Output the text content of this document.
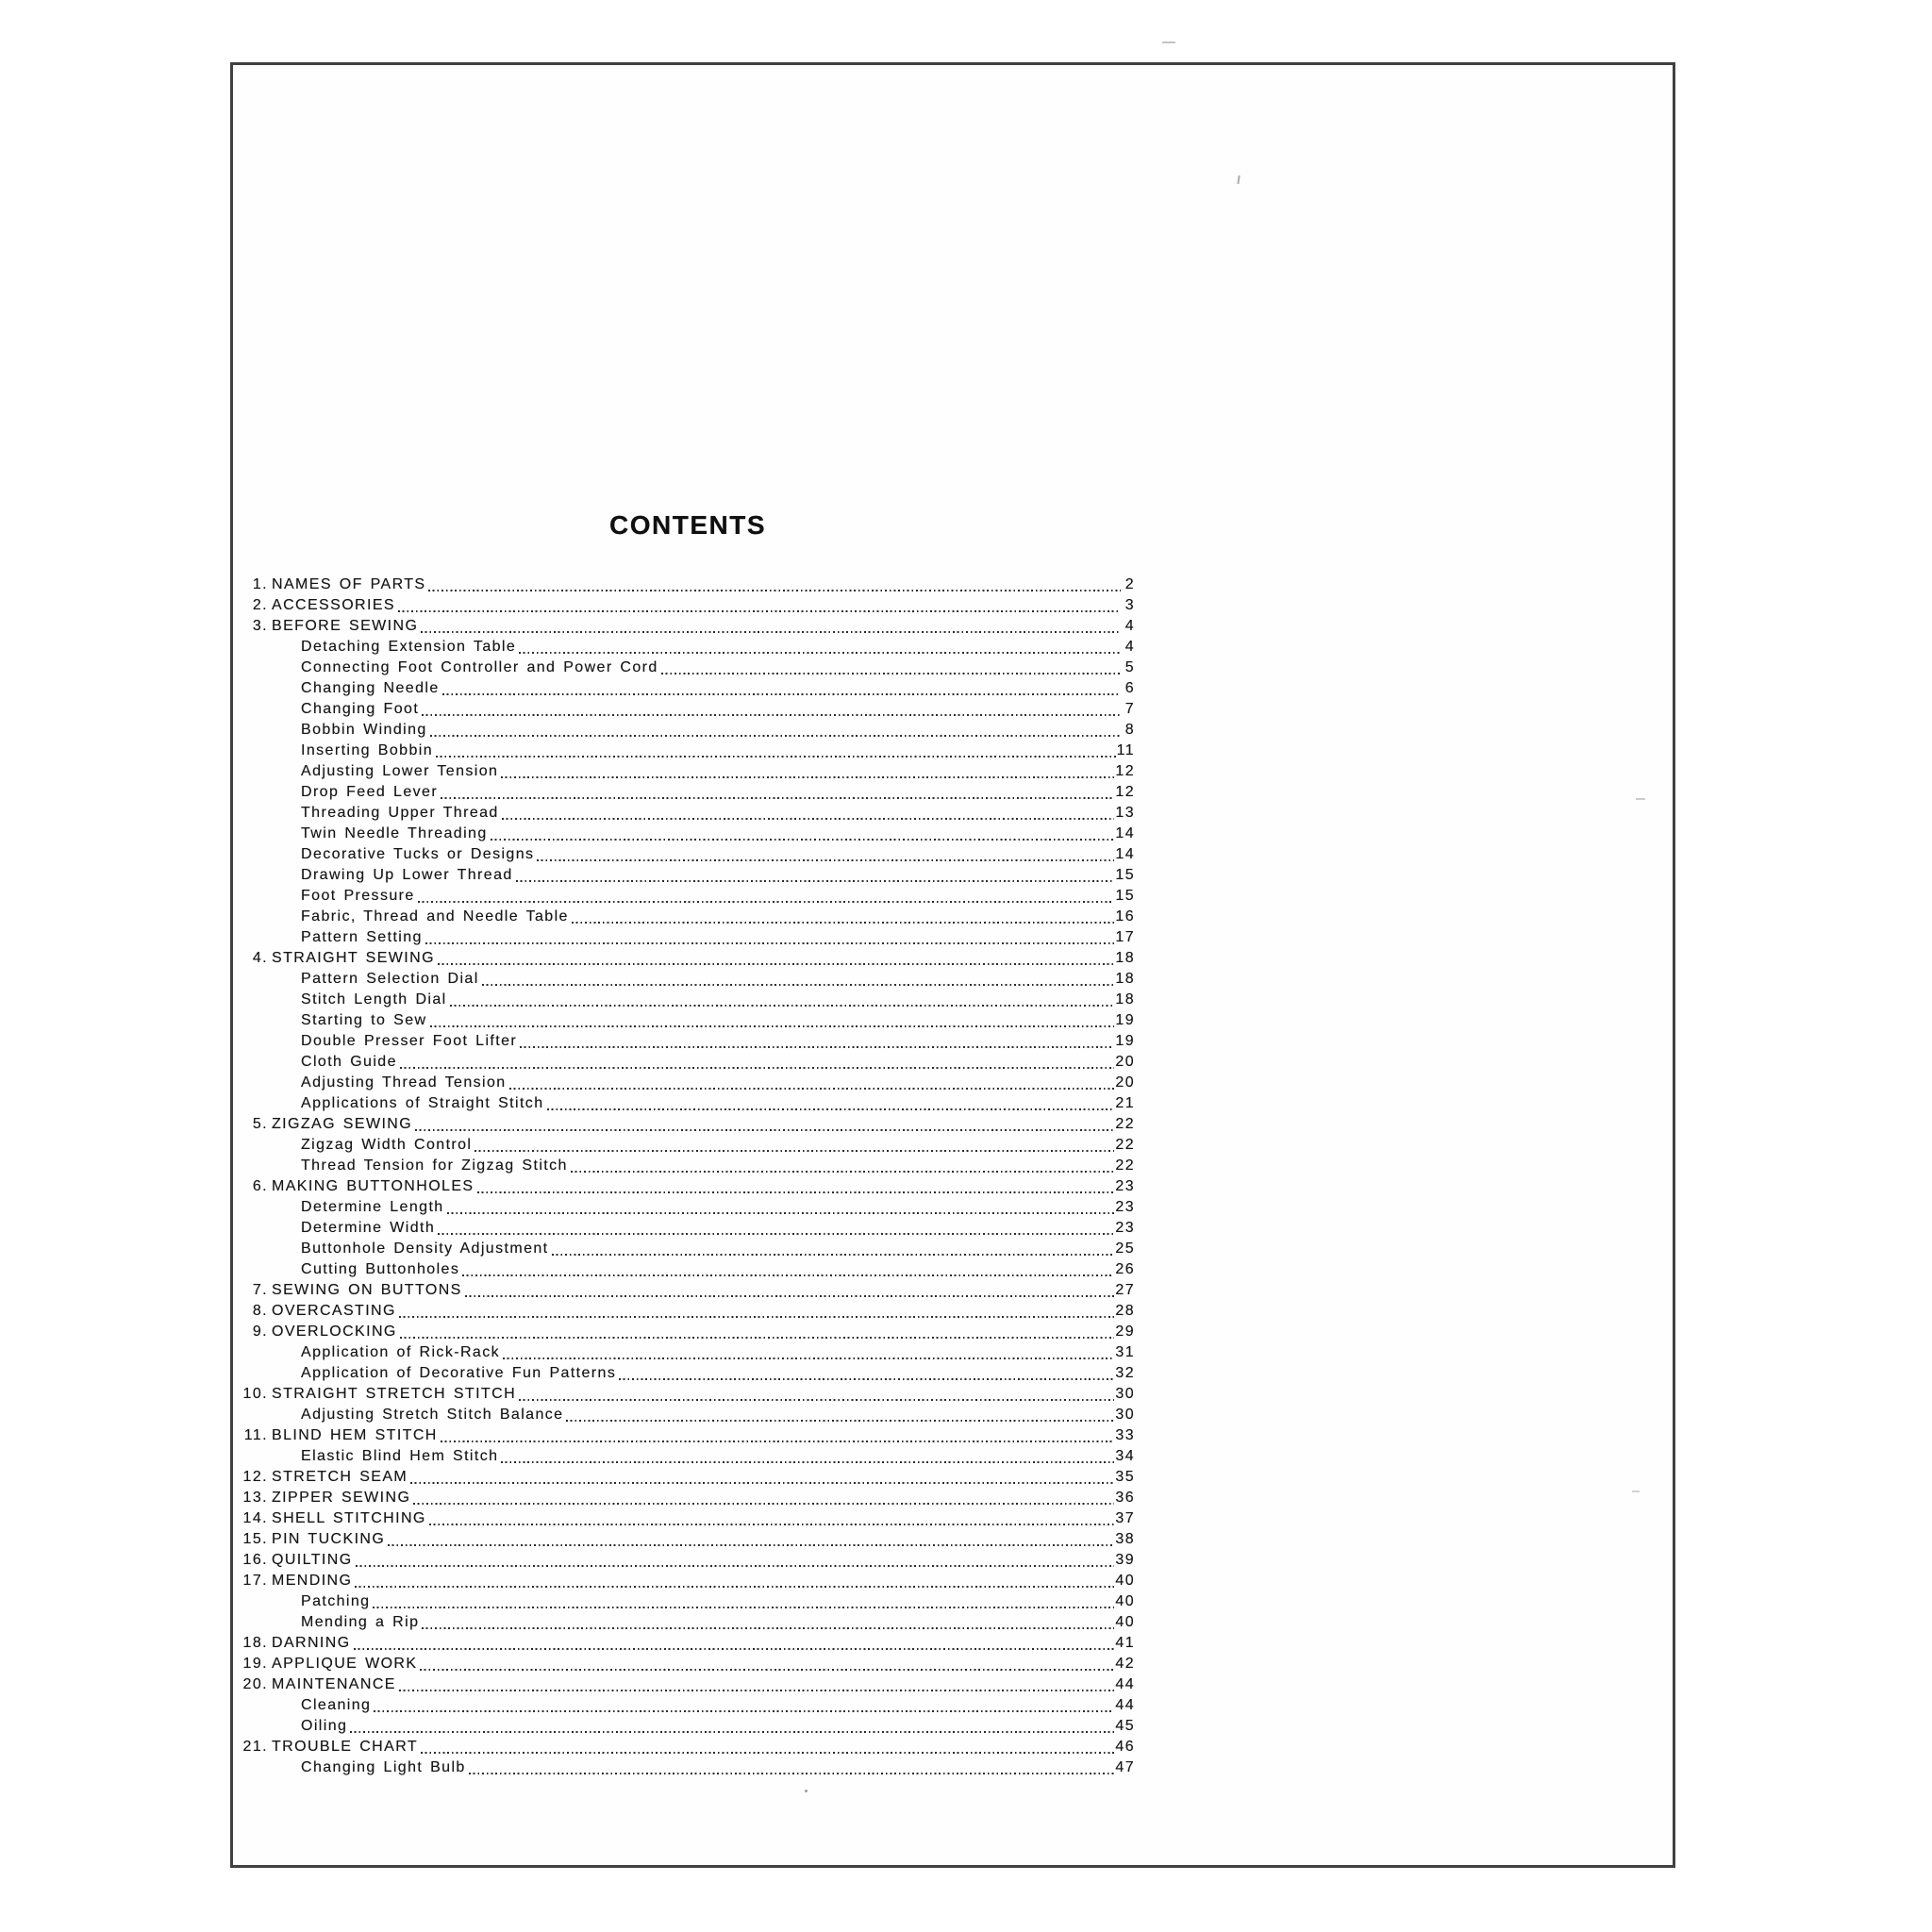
CONTENTS
1. NAMES OF PARTS	2
2. ACCESSORIES	3
3. BEFORE SEWING	4
Detaching Extension Table	4
Connecting Foot Controller and Power Cord	5
Changing Needle	6
Changing Foot	7
Bobbin Winding	8
Inserting Bobbin	11
Adjusting Lower Tension	12
Drop Feed Lever	12
Threading Upper Thread	13
Twin Needle Threading	14
Decorative Tucks or Designs	14
Drawing Up Lower Thread	15
Foot Pressure	15
Fabric, Thread and Needle Table	16
Pattern Setting	17
4. STRAIGHT SEWING	18
Pattern Selection Dial	18
Stitch Length Dial	18
Starting to Sew	19
Double Presser Foot Lifter	19
Cloth Guide	20
Adjusting Thread Tension	20
Applications of Straight Stitch	21
5. ZIGZAG SEWING	22
Zigzag Width Control	22
Thread Tension for Zigzag Stitch	22
6. MAKING BUTTONHOLES	23
Determine Length	23
Determine Width	23
Buttonhole Density Adjustment	25
Cutting Buttonholes	26
7. SEWING ON BUTTONS	27
8. OVERCASTING	28
9. OVERLOCKING	29
Application of Rick-Rack	31
Application of Decorative Fun Patterns	32
10. STRAIGHT STRETCH STITCH	30
Adjusting Stretch Stitch Balance	30
11. BLIND HEM STITCH	33
Elastic Blind Hem Stitch	34
12. STRETCH SEAM	35
13. ZIPPER SEWING	36
14. SHELL STITCHING	37
15. PIN TUCKING	38
16. QUILTING	39
17. MENDING	40
Patching	40
Mending a Rip	40
18. DARNING	41
19. APPLIQUE WORK	42
20. MAINTENANCE	44
Cleaning	44
Oiling	45
21. TROUBLE CHART	46
Changing Light Bulb	47
